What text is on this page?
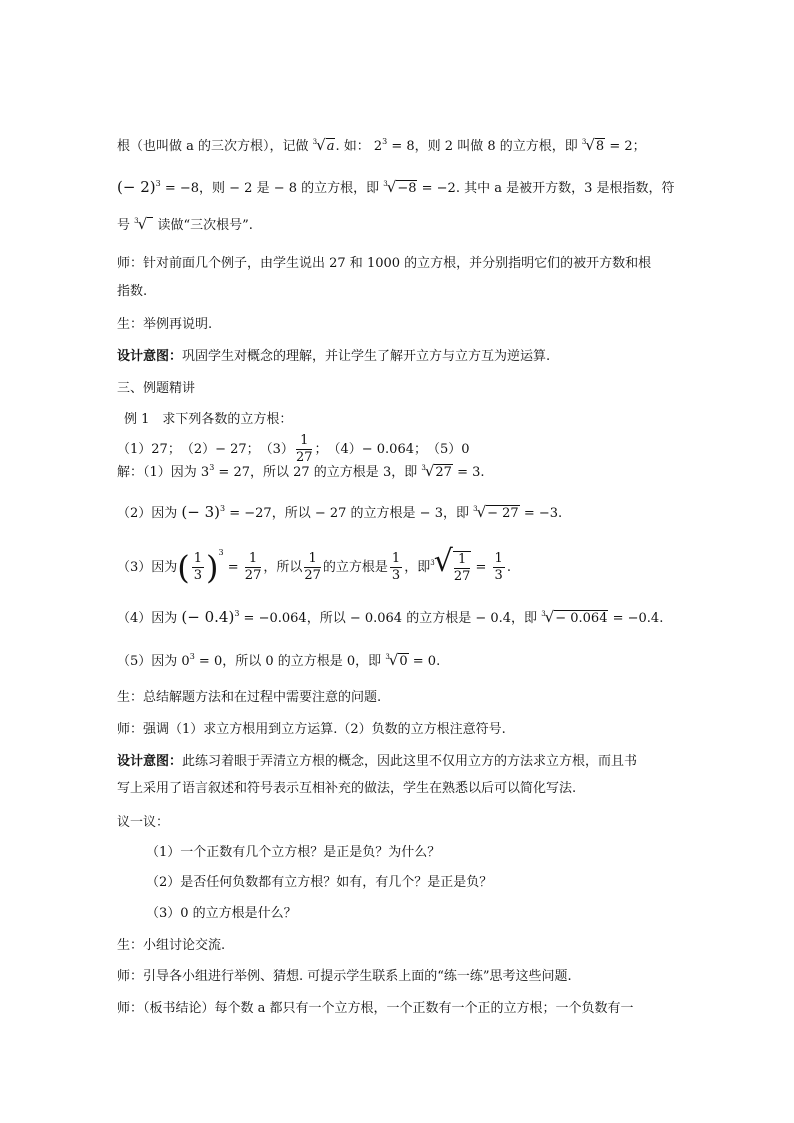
根（也叫做 a 的三次方根），记做 $^3$√a. 如： $2^3 = 8$，则 2 叫做 8 的立方根，即 $^3$√8 = 2；
(− 2)$^3$ = −8，则 − 2 是 − 8 的立方根，即 $^3$√−8 = −2. 其中 a 是被开方数，3 是根指数，符
号 $^3$√ 读做“三次根号”.
师：针对前面几个例子，由学生说出 27 和 1000 的立方根，并分别指明它们的被开方数和根
指数.
生：举例再说明.
设计意图：巩固学生对概念的理解，并让学生了解开立方与立方互为逆运算.
三、例题精讲
例 1　求下列各数的立方根：
（1）27；　（2）− 27；　$(3) \frac{1}{27}$ ；　（4）− 0.064；　（5）0
解：（1）因为 $3^3 = 27$，所以 27 的立方根是 3，即 $^3$√27 = 3.
（2）因为 (− 3)$^3$ = −27，所以 − 27 的立方根是 − 3，即 $^3$√− 27 = −3.
（3）因为( $\frac{1}{3} )^3 = \frac{1}{27}$ ，所以 $\frac{1}{27}$ 的立方根是 $\frac{1}{3}$ ，即$^3√ \frac{1}{27} = \frac{1}{3}$ .
（4）因为 (− 0.4)$^3$ = −0.064，所以 − 0.064 的立方根是 − 0.4，即 $^3$√− 0.064 = −0.4.
（5）因为 $0^3 = 0$，所以 0 的立方根是 0，即 $^3$√0 = 0.
生：总结解题方法和在过程中需要注意的问题.
师：强调（1）求立方根用到立方运算.（2）负数的立方根注意符号.
设计意图：此练习着眼于弄清立方根的概念，因此这里不仅用立方的方法求立方根，而且书
写上采用了语言叙述和符号表示互相补充的做法，学生在熟悉以后可以简化写法.
议一议：
（1）一个正数有几个立方根？是正是负？为什么？
（2）是否任何负数都有立方根？如有，有几个？是正是负？
（3）0 的立方根是什么？
生：小组讨论交流.
师：引导各小组进行举例、猜想. 可提示学生联系上面的“练一练”思考这些问题.
师：（板书结论）每个数 a 都只有一个立方根，一个正数有一个正的立方根；一个负数有一
